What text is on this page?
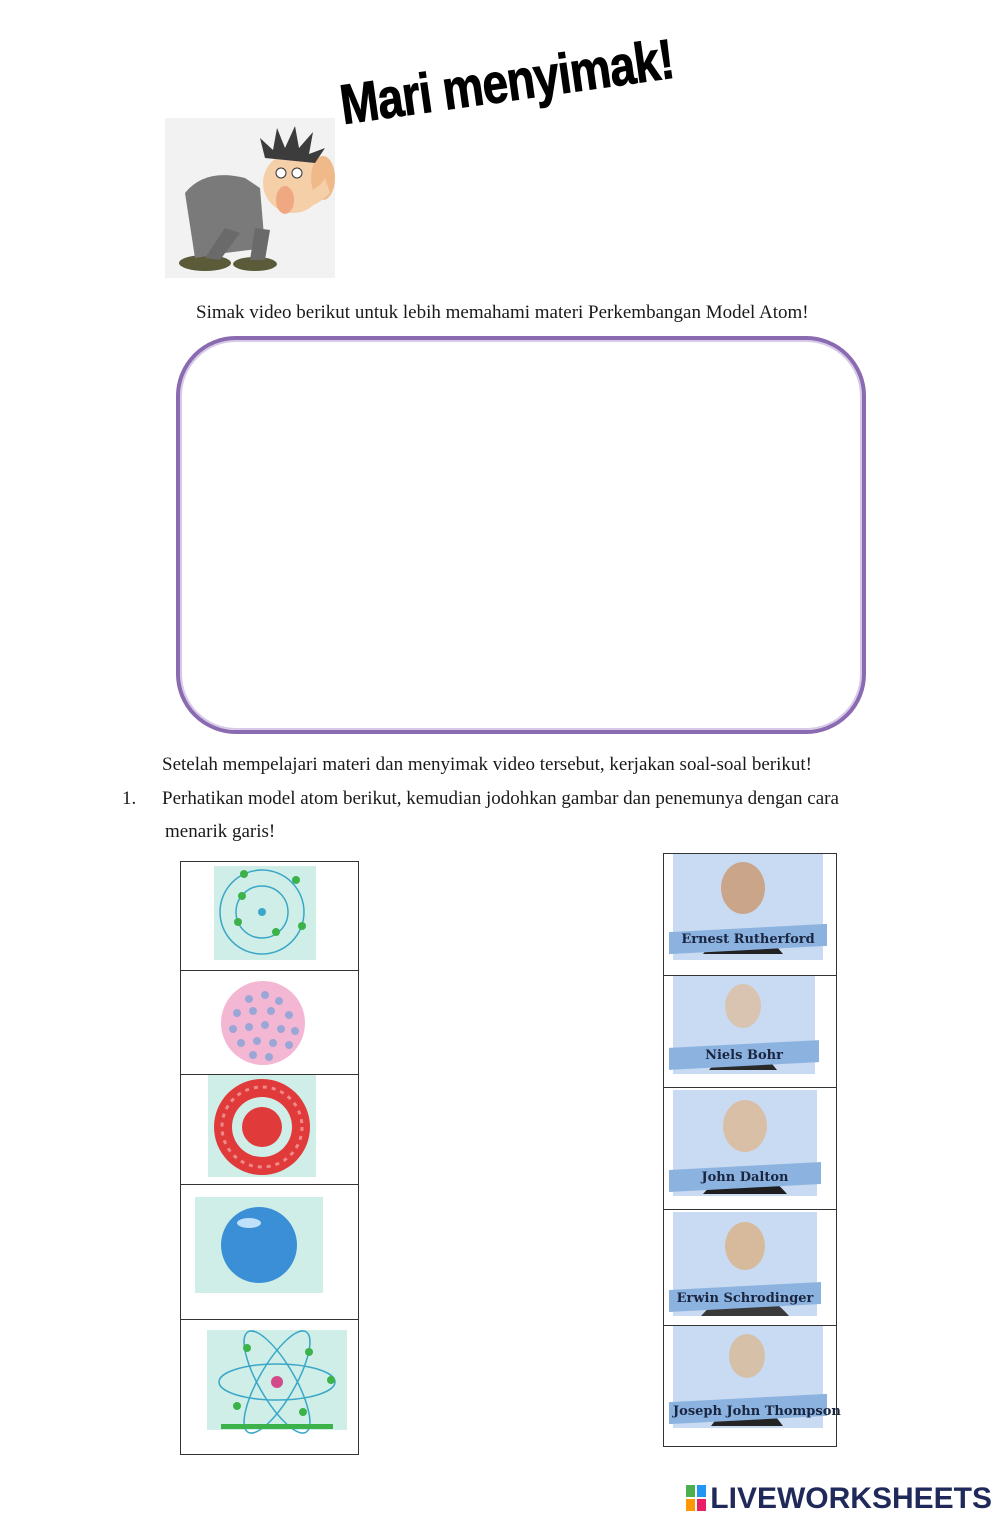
Mari menyimak!
Simak video berikut untuk lebih memahami materi Perkembangan Model Atom!
Setelah mempelajari materi dan menyimak video tersebut, kerjakan soal-soal berikut!
1. Perhatikan model atom berikut, kemudian jodohkan gambar dan penemunya dengan cara
menarik garis!
Ernest Rutherford
Niels Bohr
John Dalton
Erwin Schrodinger
Joseph John Thompson
LIVEWORKSHEETS
